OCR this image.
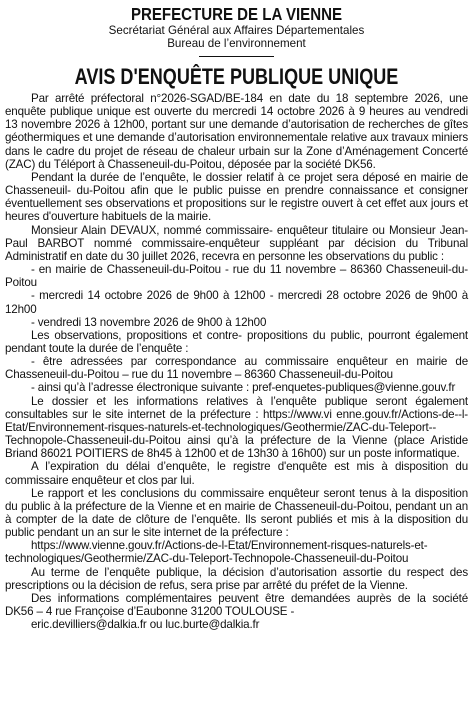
PREFECTURE DE LA VIENNE
Secrétariat Général aux Affaires Départementales
Bureau de l’environnement
AVIS D'ENQUÊTE PUBLIQUE UNIQUE

Par arrêté préfectoral n°2026-SGAD/BE-184 en date du 18 septembre 2026, une enquête publique unique est ouverte du mercredi 14 octobre 2026 à 9 heures au vendredi 13 novembre 2026 à 12h00, portant sur une demande d’autorisation de recherches de gîtes géothermiques et une demande d’autorisation environnementale relative aux travaux miniers dans le cadre du projet de réseau de chaleur urbain sur la Zone d’Aménagement Concerté (ZAC) du Téléport à Chasseneuil-du-Poitou, déposée par la société DK56.

Pendant la durée de l’enquête, le dossier relatif à ce projet sera déposé en mairie de Chasseneuil- du-Poitou afin que le public puisse en prendre connaissance et consigner éventuellement ses observations et propositions sur le registre ouvert à cet effet aux jours et heures d'ouverture habituels de la mairie.

Monsieur Alain DEVAUX, nommé commissaire- enquêteur titulaire ou Monsieur Jean-Paul BARBOT nommé commissaire-enquêteur suppléant par décision du Tribunal Administratif en date du 30 juillet 2026, recevra en personne les observations du public :

- en mairie de Chasseneuil-du-Poitou - rue du 11 novembre – 86360 Chasseneuil-du-Poitou

- mercredi 14 octobre 2026 de 9h00 à 12h00 - mercredi 28 octobre 2026 de 9h00 à 12h00

- vendredi 13 novembre 2026 de 9h00 à 12h00

Les observations, propositions et contre- propositions du public, pourront également pendant toute la durée de l’enquête :

- être adressées par correspondance au commissaire enquêteur en mairie de Chasseneuil-du-Poitou – rue du 11 novembre – 86360 Chasseneuil-du-Poitou

- ainsi qu’à l’adresse électronique suivante : pref-enquetes-publiques@vienne.gouv.fr

Le dossier et les informations relatives à l’enquête publique seront également consultables sur le site internet de la préfecture : https://www.vi enne.gouv.fr/Actions-de--l-Etat/Environnement-risques-naturels-et-technologiques/Geothermie/ZAC-du-Teleport--Technopole-Chasseneuil-du-Poitou ainsi qu’à la préfecture de la Vienne (place Aristide Briand 86021 POITIERS de 8h45 à 12h00 et de 13h30 à 16h00) sur un poste informatique.

A l’expiration du délai d’enquête, le registre d'enquête est mis à disposition du commissaire enquêteur et clos par lui.

Le rapport et les conclusions du commissaire enquêteur seront tenus à la disposition du public à la préfecture de la Vienne et en mairie de Chasseneuil-du-Poitou, pendant un an à compter de la date de clôture de l’enquête. Ils seront publiés et mis à la disposition du public pendant un an sur le site internet de la préfecture :

https://www.vienne.gouv.fr/Actions-de-l-Etat/Environnement-risques-naturels-et-technologiques/Geothermie/ZAC-du-Teleport-Technopole-Chasseneuil-du-Poitou

Au terme de l’enquête publique, la décision d’autorisation assortie du respect des prescriptions ou la décision de refus, sera prise par arrêté du préfet de la Vienne.

Des informations complémentaires peuvent être demandées auprès de la société DK56 – 4 rue Françoise d’Eaubonne 31200 TOULOUSE -

eric.devilliers@dalkia.fr ou luc.burte@dalkia.fr
